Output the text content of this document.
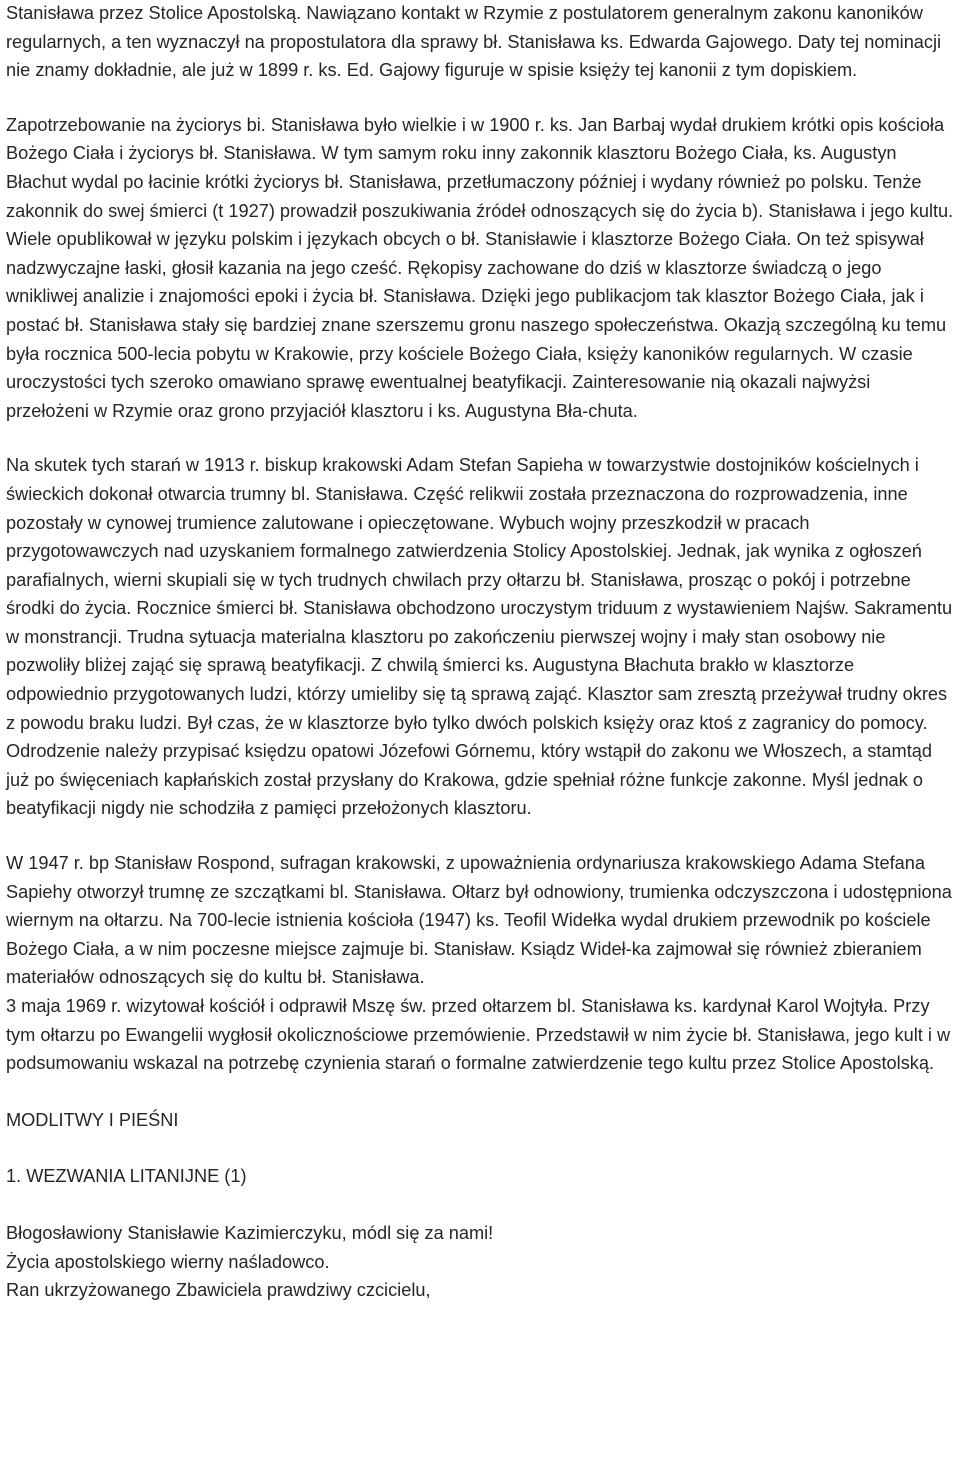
Stanisława przez Stolice Apostolską. Nawiązano kontakt w Rzymie z postulatorem generalnym zakonu kanoników regularnych, a ten wyznaczył na propostulatora dla sprawy bł. Stanisława ks. Edwarda Gajowego. Daty tej nominacji nie znamy dokładnie, ale już w 1899 r. ks. Ed. Gajowy figuruje w spisie księży tej kanonii z tym dopiskiem.

Zapotrzebowanie na życiorys bi. Stanisława było wielkie i w 1900 r. ks. Jan Barbaj wydał drukiem krótki opis kościoła Bożego Ciała i życiorys bł. Stanisława. W tym samym roku inny zakonnik klasztoru Bożego Ciała, ks. Augustyn Błachut wydal po łacinie krótki życiorys bł. Stanisława, przetłumaczony później i wydany również po polsku. Tenże zakonnik do swej śmierci (t 1927) prowadził poszukiwania źródeł odnoszących się do życia b). Stanisława i jego kultu. Wiele opublikował w języku polskim i językach obcych o bł. Stanisławie i klasztorze Bożego Ciała. On też spisywał nadzwyczajne łaski, głosił kazania na jego cześć. Rękopisy zachowane do dziś w klasztorze świadczą o jego wnikliwej analizie i znajomości epoki i życia bł. Stanisława. Dzięki jego publikacjom tak klasztor Bożego Ciała, jak i postać bł. Stanisława stały się bardziej znane szerszemu gronu naszego społeczeństwa. Okazją szczególną ku temu była rocznica 500-lecia pobytu w Krakowie, przy kościele Bożego Ciała, księży kanoników regularnych. W czasie uroczystości tych szeroko omawiano sprawę ewentualnej beatyfikacji. Zainteresowanie nią okazali najwyżsi przełożeni w Rzymie oraz grono przyjaciół klasztoru i ks. Augustyna Bła-chuta.

Na skutek tych starań w 1913 r. biskup krakowski Adam Stefan Sapieha w towarzystwie dostojników kościelnych i świeckich dokonał otwarcia trumny bl. Stanisława. Część relikwii została przeznaczona do rozprowadzenia, inne pozostały w cynowej trumience zalutowane i opieczętowane. Wybuch wojny przeszkodził w pracach przygotowawczych nad uzyskaniem formalnego zatwierdzenia Stolicy Apostolskiej. Jednak, jak wynika z ogłoszeń parafialnych, wierni skupiali się w tych trudnych chwilach przy ołtarzu bł. Stanisława, prosząc o pokój i potrzebne środki do życia. Rocznice śmierci bł. Stanisława obchodzono uroczystym triduum z wystawieniem Najśw. Sakramentu w monstrancji. Trudna sytuacja materialna klasztoru po zakończeniu pierwszej wojny i mały stan osobowy nie pozwoliły bliżej zająć się sprawą beatyfikacji. Z chwilą śmierci ks. Augustyna Błachuta brakło w klasztorze odpowiednio przygotowanych ludzi, którzy umieliby się tą sprawą zająć. Klasztor sam zresztą przeżywał trudny okres z powodu braku ludzi. Był czas, że w klasztorze było tylko dwóch polskich księży oraz ktoś z zagranicy do pomocy. Odrodzenie należy przypisać księdzu opatowi Józefowi Górnemu, który wstąpił do zakonu we Włoszech, a stamtąd już po święceniach kapłańskich został przysłany do Krakowa, gdzie spełniał różne funkcje zakonne. Myśl jednak o beatyfikacji nigdy nie schodziła z pamięci przełożonych klasztoru.

W 1947 r. bp Stanisław Rospond, sufragan krakowski, z upoważnienia ordynariusza krakowskiego Adama Stefana Sapiehy otworzył trumnę ze szczątkami bl. Stanisława. Ołtarz był odnowiony, trumienka odczyszczona i udostępniona wiernym na ołtarzu. Na 700-lecie istnienia kościoła (1947) ks. Teofil Widełka wydal drukiem przewodnik po kościele Bożego Ciała, a w nim poczesne miejsce zajmuje bi. Stanisław. Ksiądz Wideł-ka zajmował się również zbieraniem materiałów odnoszących się do kultu bł. Stanisława.

3 maja 1969 r. wizytował kościół i odprawił Mszę św. przed ołtarzem bl. Stanisława ks. kardynał Karol Wojtyła. Przy tym ołtarzu po Ewangelii wygłosił okolicznościowe przemówienie. Przedstawił w nim życie bł. Stanisława, jego kult i w podsumowaniu wskazal na potrzebę czynienia starań o formalne zatwierdzenie tego kultu przez Stolice Apostolską.

MODLITWY I PIEŚNI

1. WEZWANIA LITANIJNE (1)

Błogosławiony Stanisławie Kazimierczyku, módl się za nami!

Życia apostolskiego wierny naśladowco.

Ran ukrzyżowanego Zbawiciela prawdziwy czcicielu,
